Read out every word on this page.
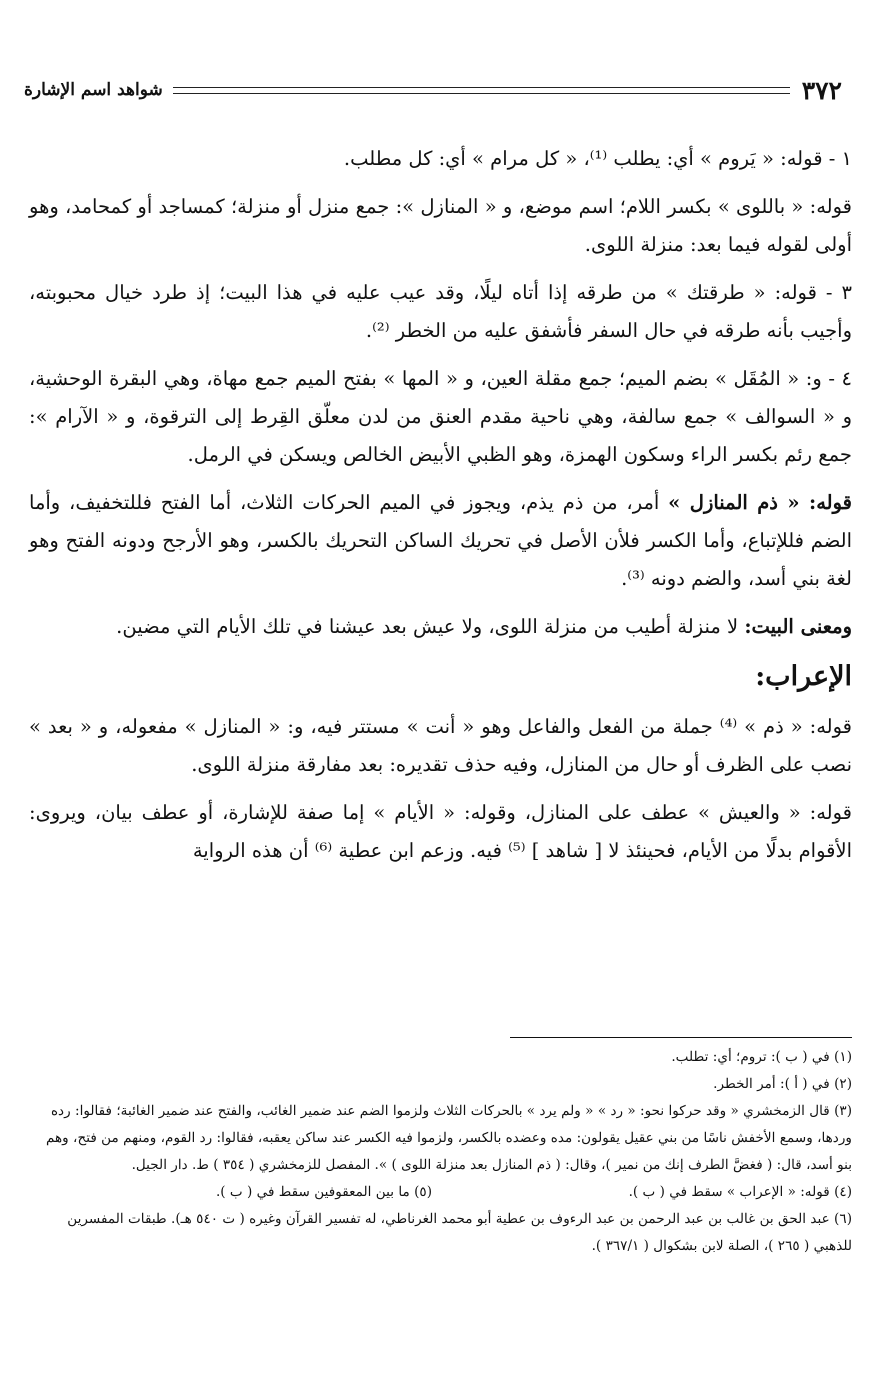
٣٧٢
شواهد اسم الإشارة

١ - قوله: « يَروم » أي: يطلب ⁽¹⁾، « كل مرام » أي: كل مطلب.

قوله: « باللوى » بكسر اللام؛ اسم موضع، و « المنازل »: جمع منزل أو منزلة؛ كمساجد أو كمحامد، وهو أولى لقوله فيما بعد: منزلة اللوى.

٣ - قوله: « طرقتك » من طرقه إذا أتاه ليلًا، وقد عيب عليه في هذا البيت؛ إذ طرد خيال محبوبته، وأجيب بأنه طرقه في حال السفر فأشفق عليه من الخطر ⁽²⁾.

٤ - و: « المُقَل » بضم الميم؛ جمع مقلة العين، و « المها » بفتح الميم جمع مهاة، وهي البقرة الوحشية، و « السوالف » جمع سالفة، وهي ناحية مقدم العنق من لدن معلّق القِرط إلى الترقوة، و « الآرام »: جمع رئم بكسر الراء وسكون الهمزة، وهو الظبي الأبيض الخالص ويسكن في الرمل.

قوله: « ذم المنازل » أمر، من ذم يذم، ويجوز في الميم الحركات الثلاث، أما الفتح فللتخفيف، وأما الضم فللإتباع، وأما الكسر فلأن الأصل في تحريك الساكن التحريك بالكسر، وهو الأرجح ودونه الفتح وهو لغة بني أسد، والضم دونه ⁽³⁾.

ومعنى البيت: لا منزلة أطيب من منزلة اللوى، ولا عيش بعد عيشنا في تلك الأيام التي مضين.

الإعراب:

قوله: « ذم » ⁽⁴⁾ جملة من الفعل والفاعل وهو « أنت » مستتر فيه، و: « المنازل » مفعوله، و « بعد » نصب على الظرف أو حال من المنازل، وفيه حذف تقديره: بعد مفارقة منزلة اللوى.

قوله: « والعيش » عطف على المنازل، وقوله: « الأيام » إما صفة للإشارة، أو عطف بيان، ويروى: الأقوام بدلًا من الأيام، فحينئذ لا [ شاهد ] ⁽⁵⁾ فيه. وزعم ابن عطية ⁽⁶⁾ أن هذه الرواية

(١) في ( ب ): تروم؛ أي: تطلب.

(٢) في ( أ ): أمر الخطر.

(٣) قال الزمخشري « وقد حركوا نحو: « رد » « ولم يرد » بالحركات الثلاث ولزموا الضم عند ضمير الغائب، والفتح عند ضمير الغائبة؛ فقالوا: رده وردها، وسمع الأخفش ناسًا من بني عقيل يقولون: مده وعضده بالكسر، ولزموا فيه الكسر عند ساكن يعقبه، فقالوا: رد القوم، ومنهم من فتح، وهم بنو أسد، قال: ( فغضَّ الطرف إنك من نمير )، وقال: ( ذم المنازل بعد منزلة اللوى ) ». المفصل للزمخشري ( ٣٥٤ ) ط. دار الجيل.

(٤) قوله: « الإعراب » سقط في ( ب ).
(٥) ما بين المعقوفين سقط في ( ب ).

(٦) عبد الحق بن غالب بن عبد الرحمن بن عبد الرءوف بن عطية أبو محمد الغرناطي، له تفسير القرآن وغيره ( ت ٥٤٠ هـ). طبقات المفسرين للذهبي ( ٢٦٥ )، الصلة لابن بشكوال ( ٣٦٧/١ ).
